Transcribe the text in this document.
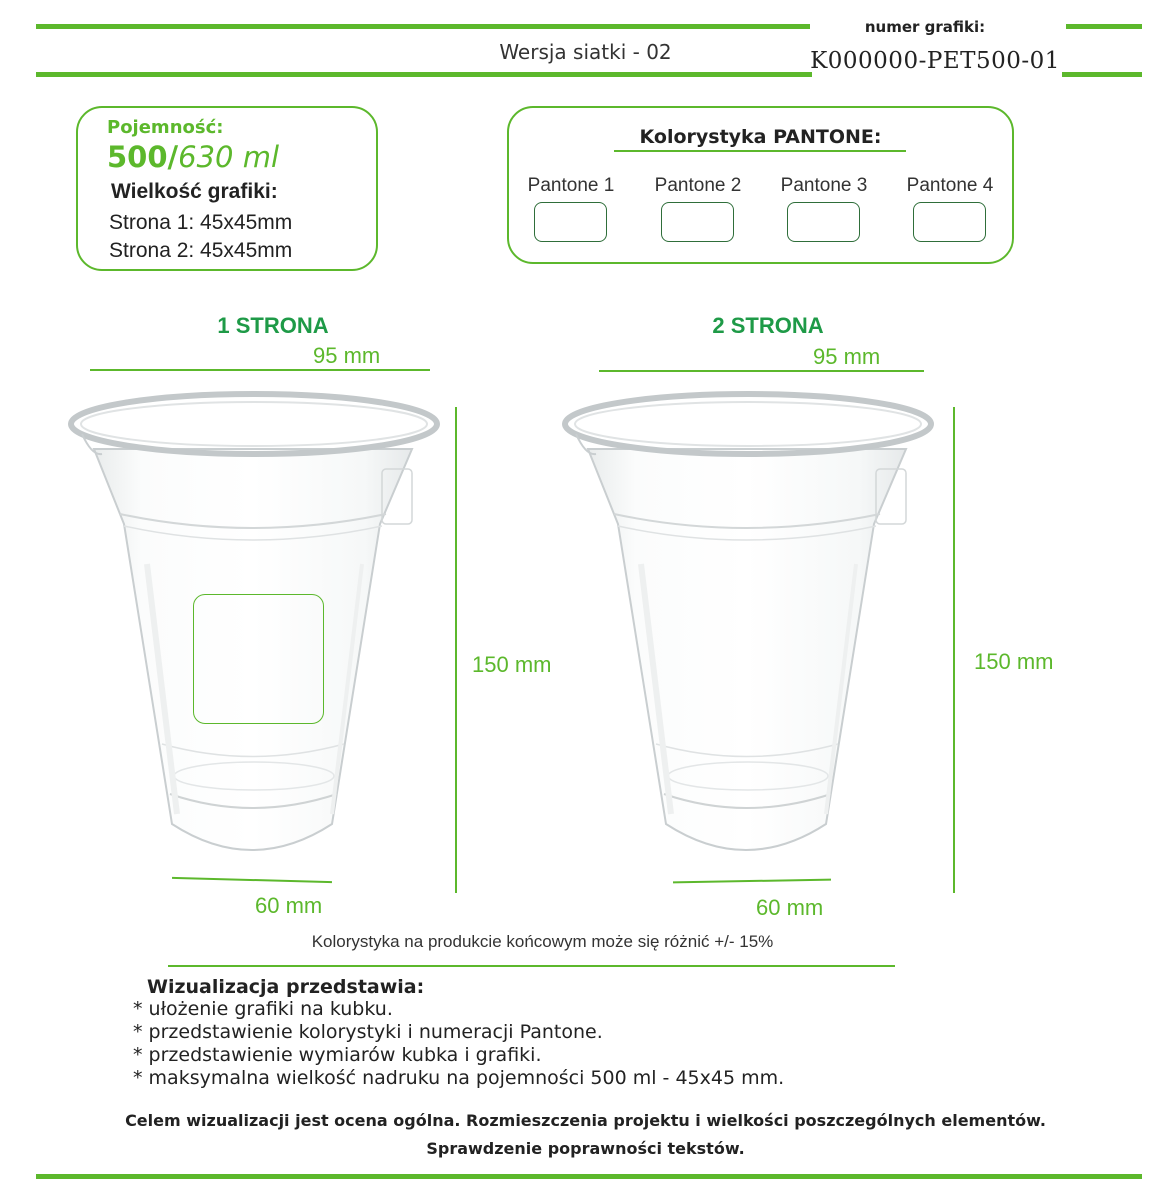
Wersja siatki - 02
numer grafiki:
K000000-PET500-01
Pojemność:
500/630 ml
Wielkość grafiki:
Strona 1: 45x45mm
Strona 2: 45x45mm
Kolorystyka PANTONE:
Pantone 1	Pantone 2	Pantone 3	Pantone 4
1 STRONA
95 mm
150 mm
60 mm
2 STRONA
95 mm
150 mm
60 mm
Kolorystyka na produkcie końcowym może się różnić +/- 15%
Wizualizacja przedstawia:
* ułożenie grafiki na kubku.
* przedstawienie kolorystyki i numeracji Pantone.
* przedstawienie wymiarów kubka i grafiki.
* maksymalna wielkość nadruku na pojemności 500 ml - 45x45 mm.
Celem wizualizacji jest ocena ogólna. Rozmieszczenia projektu i wielkości poszczególnych elementów.
Sprawdzenie poprawności tekstów.
